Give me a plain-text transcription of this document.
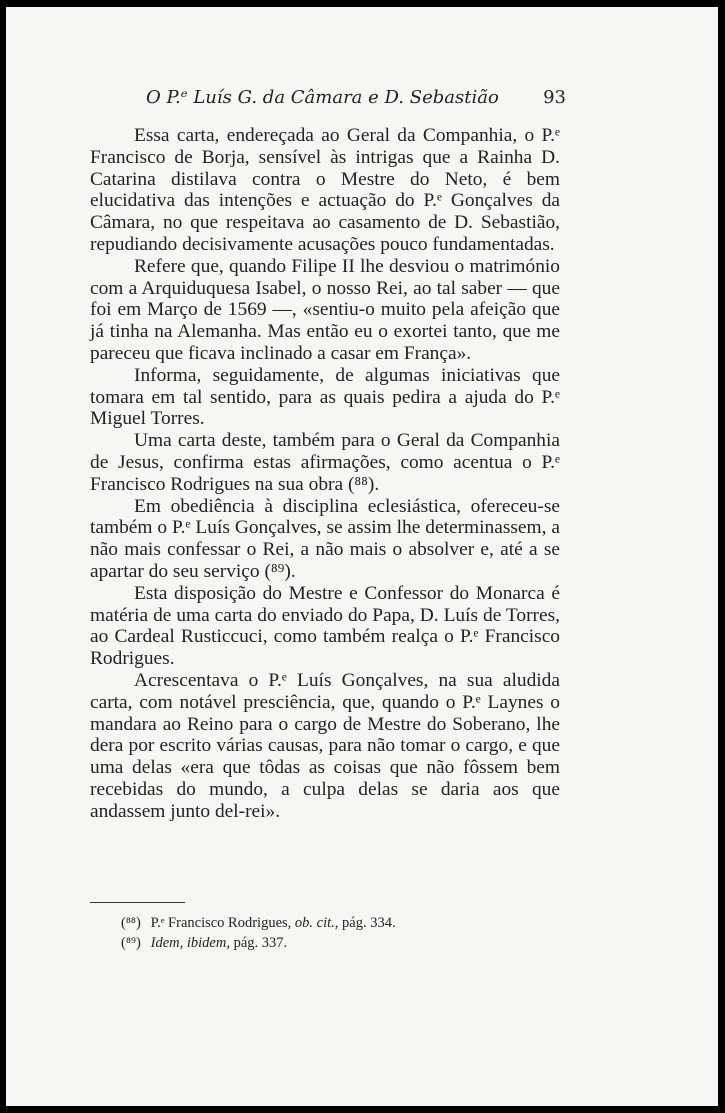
O P.ᵉ Luís G. da Câmara e D. Sebastião 93

Essa carta, endereçada ao Geral da Companhia, o P.ᵉ Francisco de Borja, sensível às intrigas que a Rainha D. Catarina distilava contra o Mestre do Neto, é bem elucidativa das intenções e actuação do P.ᵉ Gonçalves da Câmara, no que respeitava ao casamento de D. Sebastião, repudiando decisivamente acusações pouco fundamentadas.

Refere que, quando Filipe II lhe desviou o matrimónio com a Arquiduquesa Isabel, o nosso Rei, ao tal saber — que foi em Março de 1569 —, «sentiu-o muito pela afeição que já tinha na Alemanha. Mas então eu o exortei tanto, que me pareceu que ficava inclinado a casar em França».

Informa, seguidamente, de algumas iniciativas que tomara em tal sentido, para as quais pedira a ajuda do P.ᵉ Miguel Torres.

Uma carta deste, também para o Geral da Companhia de Jesus, confirma estas afirmações, como acentua o P.ᵉ Francisco Rodrigues na sua obra (⁸⁸).

Em obediência à disciplina eclesiástica, ofereceu-se também o P.ᵉ Luís Gonçalves, se assim lhe determinassem, a não mais confessar o Rei, a não mais o absolver e, até a se apartar do seu serviço (⁸⁹).

Esta disposição do Mestre e Confessor do Monarca é matéria de uma carta do enviado do Papa, D. Luís de Torres, ao Cardeal Rusticcuci, como também realça o P.ᵉ Francisco Rodrigues.

Acrescentava o P.ᵉ Luís Gonçalves, na sua aludida carta, com notável presciência, que, quando o P.ᵉ Laynes o mandara ao Reino para o cargo de Mestre do Soberano, lhe dera por escrito várias causas, para não tomar o cargo, e que uma delas «era que tôdas as coisas que não fôssem bem recebidas do mundo, a culpa delas se daria aos que andassem junto del-rei».

(⁸⁸) P.ᵉ Francisco Rodrigues, ob. cit., pág. 334.
(⁸⁹) Idem, ibidem, pág. 337.
